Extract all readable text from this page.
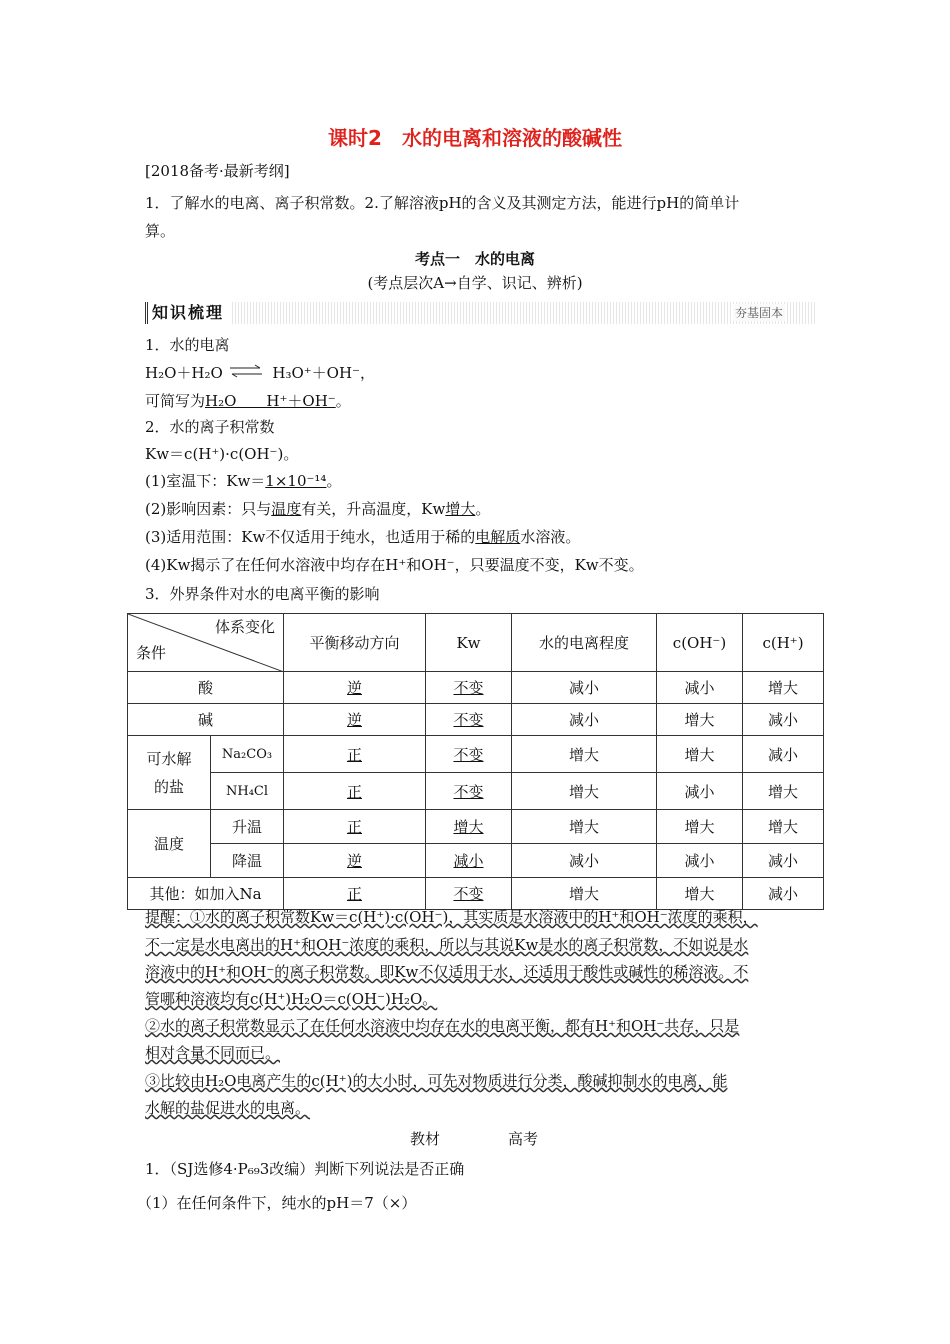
课时2　水的电离和溶液的酸碱性
[2018备考·最新考纲]
1．了解水的电离、离子积常数。2.了解溶液pH的含义及其测定方法，能进行pH的简单计
算。
考点一　水的电离
(考点层次A→自学、识记、辨析)
知识梳理	夯基固本
1．水的电离
H₂O＋H₂O ⇌ H₃O⁺＋OH⁻，
可简写为H₂O　　H⁺＋OH⁻。
2．水的离子积常数
Kw＝c(H⁺)·c(OH⁻)。
(1)室温下：Kw＝1×10⁻¹⁴。
(2)影响因素：只与温度有关，升高温度，Kw增大。
(3)适用范围：Kw不仅适用于纯水，也适用于稀的电解质水溶液。
(4)Kw揭示了在任何水溶液中均存在H⁺和OH⁻，只要温度不变，Kw不变。
3．外界条件对水的电离平衡的影响
体系变化
条件		平衡移动方向	Kw	水的电离程度	c(OH⁻)	c(H⁺)
酸		逆	不变	减小	减小	增大
碱		逆	不变	减小	增大	减小

可水解
的盐	Na₂CO₃	正	不变	增大	增大	减小
	NH₄Cl	正	不变	增大	减小	增大
温度	升温	正	增大	增大	增大	增大
	降温	逆	减小	减小	减小	减小
其他：如加入Na		正	不变	增大	增大	减小
提醒：①水的离子积常数Kw＝c(H⁺)·c(OH⁻)，其实质是水溶液中的H⁺和OH⁻浓度的乘积，
不一定是水电离出的H⁺和OH⁻浓度的乘积，所以与其说Kw是水的离子积常数，不如说是水
溶液中的H⁺和OH⁻的离子积常数。即Kw不仅适用于水，还适用于酸性或碱性的稀溶液。不
管哪种溶液均有c(H⁺)H₂O＝c(OH⁻)H₂O。
②水的离子积常数显示了在任何水溶液中均存在水的电离平衡，都有H⁺和OH⁻共存，只是
相对含量不同而已。
③比较由H₂O电离产生的c(H⁺)的大小时，可先对物质进行分类，酸碱抑制水的电离，能
水解的盐促进水的电离。
教材	高考
1．（SJ选修4·P₆₉3改编）判断下列说法是否正确
（1）在任何条件下，纯水的pH＝7（×）
